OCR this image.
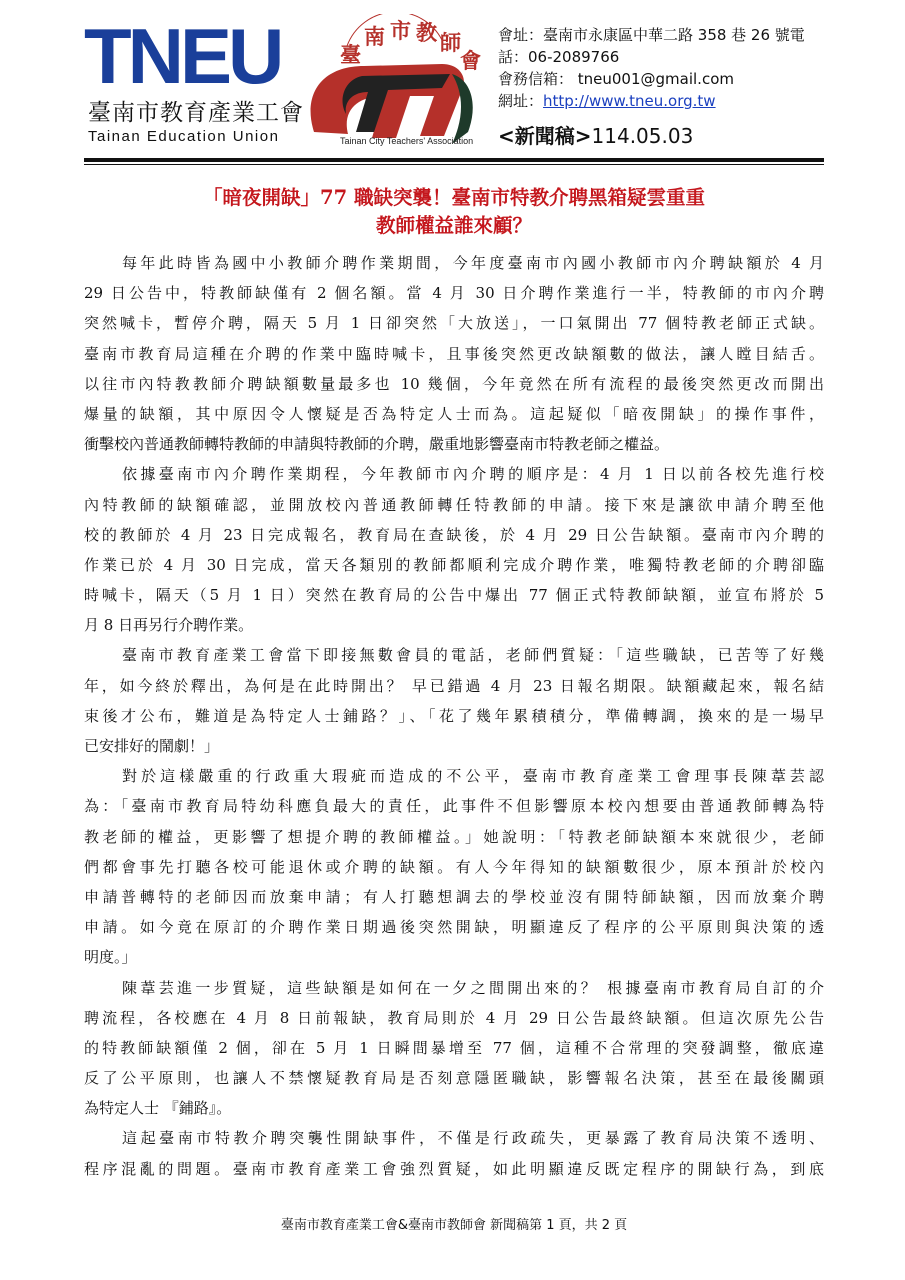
TNEU
臺南市教育產業工會
Tainan Education Union
臺 南 市 教 師 會
Tainan City Teachers' Association
會址：臺南市永康區中華二路 358 巷 26 號電
話：06-2089766
會務信箱： tneu001@gmail.com
網址：http://www.tneu.org.tw
<新聞稿>114.05.03
「暗夜開缺」77 職缺突襲！臺南市特教介聘黑箱疑雲重重
教師權益誰來顧？
每年此時皆為國中小教師介聘作業期間，今年度臺南市內國小教師市內介聘缺額於 4 月
29 日公告中，特教師缺僅有 2 個名額。當 4 月 30 日介聘作業進行一半，特教師的市內介聘
突然喊卡，暫停介聘，隔天 5 月 1 日卻突然「大放送」，一口氣開出 77 個特教老師正式缺。
臺南市教育局這種在介聘的作業中臨時喊卡，且事後突然更改缺額數的做法，讓人瞠目結舌。
以往市內特教教師介聘缺額數量最多也 10 幾個，今年竟然在所有流程的最後突然更改而開出
爆量的缺額，其中原因令人懷疑是否為特定人士而為。這起疑似「暗夜開缺」的操作事件，
衝擊校內普通教師轉特教師的申請與特教師的介聘，嚴重地影響臺南市特教老師之權益。
依據臺南市內介聘作業期程，今年教師市內介聘的順序是：4 月 1 日以前各校先進行校
內特教師的缺額確認，並開放校內普通教師轉任特教師的申請。接下來是讓欲申請介聘至他
校的教師於 4 月 23 日完成報名，教育局在查缺後，於 4 月 29 日公告缺額。臺南市內介聘的
作業已於 4 月 30 日完成，當天各類別的教師都順利完成介聘作業，唯獨特教老師的介聘卻臨
時喊卡，隔天（5 月 1 日）突然在教育局的公告中爆出 77 個正式特教師缺額，並宣布將於 5
月 8 日再另行介聘作業。
臺南市教育產業工會當下即接無數會員的電話，老師們質疑：「這些職缺，已苦等了好幾
年，如今終於釋出，為何是在此時開出？ 早已錯過 4 月 23 日報名期限。缺額藏起來，報名結
束後才公布，難道是為特定人士鋪路？」、「花了幾年累積積分，準備轉調，換來的是一場早
已安排好的鬧劇！」
對於這樣嚴重的行政重大瑕疵而造成的不公平，臺南市教育產業工會理事長陳葦芸認
為：「臺南市教育局特幼科應負最大的責任，此事件不但影響原本校內想要由普通教師轉為特
教老師的權益，更影響了想提介聘的教師權益。」她說明：「特教老師缺額本來就很少，老師
們都會事先打聽各校可能退休或介聘的缺額。有人今年得知的缺額數很少，原本預計於校內
申請普轉特的老師因而放棄申請；有人打聽想調去的學校並沒有開特師缺額，因而放棄介聘
申請。如今竟在原訂的介聘作業日期過後突然開缺，明顯違反了程序的公平原則與決策的透
明度。」
陳葦芸進一步質疑，這些缺額是如何在一夕之間開出來的？ 根據臺南市教育局自訂的介
聘流程，各校應在 4 月 8 日前報缺，教育局則於 4 月 29 日公告最終缺額。但這次原先公告
的特教師缺額僅 2 個，卻在 5 月 1 日瞬間暴增至 77 個，這種不合常理的突發調整，徹底違
反了公平原則，也讓人不禁懷疑教育局是否刻意隱匿職缺，影響報名決策，甚至在最後關頭
為特定人士 『鋪路』。
這起臺南市特教介聘突襲性開缺事件，不僅是行政疏失，更暴露了教育局決策不透明、
程序混亂的問題。臺南市教育產業工會強烈質疑，如此明顯違反既定程序的開缺行為，到底
臺南市教育產業工會&臺南市教師會 新聞稿第 1 頁，共 2 頁
